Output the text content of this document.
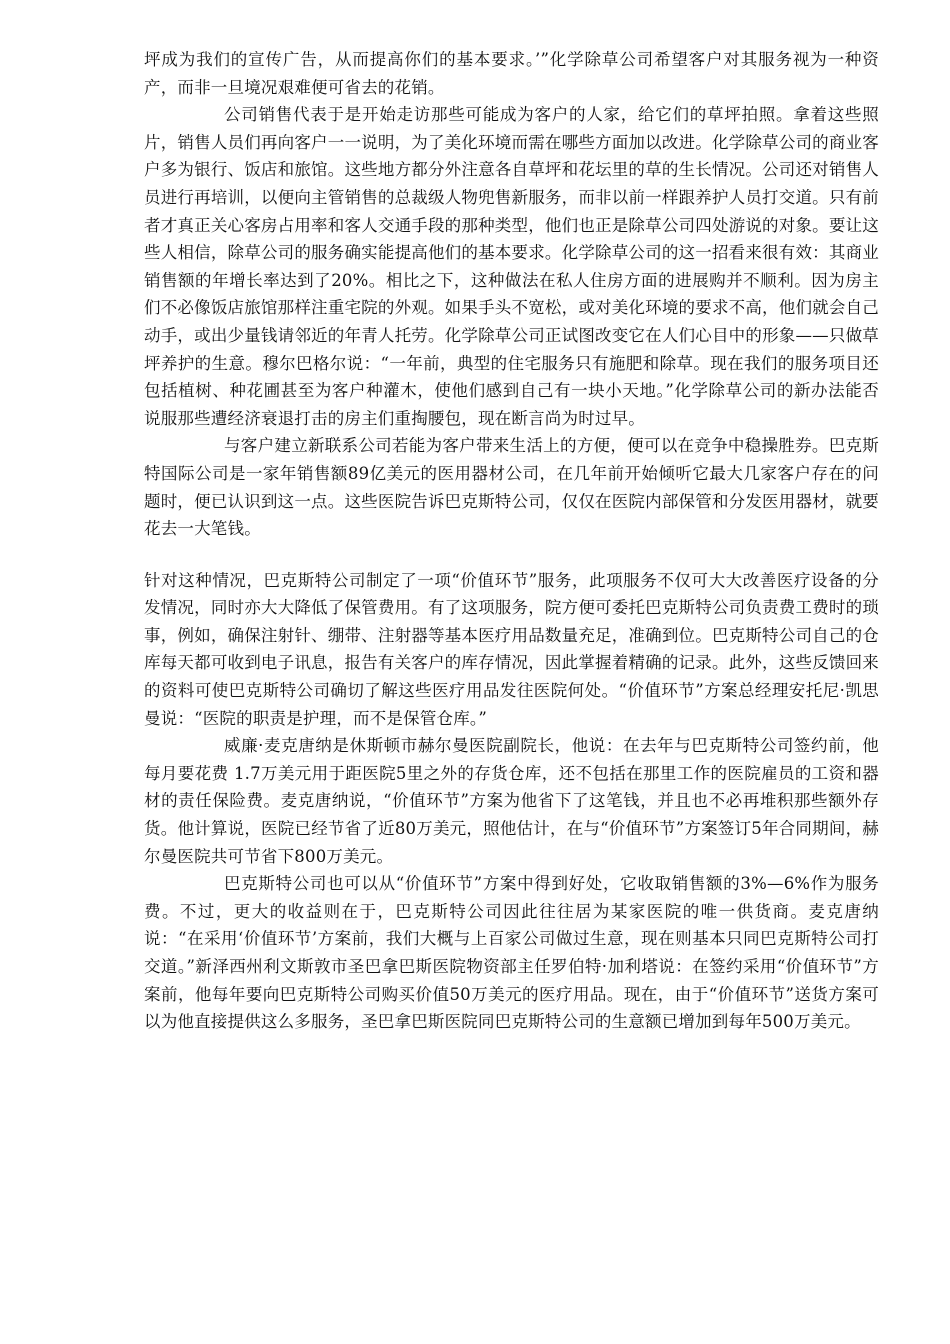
坪成为我们的宣传广告，从而提高你们的基本要求。’”化学除草公司希望客户对其服务视为一种资产，而非一旦境况艰难便可省去的花销。

公司销售代表于是开始走访那些可能成为客户的人家，给它们的草坪拍照。拿着这些照片，销售人员们再向客户一一说明，为了美化环境而需在哪些方面加以改进。化学除草公司的商业客户多为银行、饭店和旅馆。这些地方都分外注意各自草坪和花坛里的草的生长情况。公司还对销售人员进行再培训，以便向主管销售的总裁级人物兜售新服务，而非以前一样跟养护人员打交道。只有前者才真正关心客房占用率和客人交通手段的那种类型，他们也正是除草公司四处游说的对象。要让这些人相信，除草公司的服务确实能提高他们的基本要求。化学除草公司的这一招看来很有效：其商业销售额的年增长率达到了20%。相比之下，这种做法在私人住房方面的进展购并不顺利。因为房主们不必像饭店旅馆那样注重宅院的外观。如果手头不宽松，或对美化环境的要求不高，他们就会自己动手，或出少量钱请邻近的年青人托劳。化学除草公司正试图改变它在人们心目中的形象——只做草坪养护的生意。穆尔巴格尔说：“一年前，典型的住宅服务只有施肥和除草。现在我们的服务项目还包括植树、种花圃甚至为客户种灌木，使他们感到自己有一块小天地。”化学除草公司的新办法能否说服那些遭经济衰退打击的房主们重掏腰包，现在断言尚为时过早。

与客户建立新联系公司若能为客户带来生活上的方便，便可以在竞争中稳操胜券。巴克斯特国际公司是一家年销售额89亿美元的医用器材公司，在几年前开始倾听它最大几家客户存在的问题时，便已认识到这一点。这些医院告诉巴克斯特公司，仅仅在医院内部保管和分发医用器材，就要花去一大笔钱。

针对这种情况，巴克斯特公司制定了一项“价值环节”服务，此项服务不仅可大大改善医疗设备的分发情况，同时亦大大降低了保管费用。有了这项服务，院方便可委托巴克斯特公司负责费工费时的琐事，例如，确保注射针、绷带、注射器等基本医疗用品数量充足，准确到位。巴克斯特公司自己的仓库每天都可收到电子讯息，报告有关客户的库存情况，因此掌握着精确的记录。此外，这些反馈回来的资料可使巴克斯特公司确切了解这些医疗用品发往医院何处。“价值环节”方案总经理安托尼·凯思曼说：“医院的职责是护理，而不是保管仓库。”

威廉·麦克唐纳是休斯顿市赫尔曼医院副院长，他说：在去年与巴克斯特公司签约前，他每月要花费 1.7万美元用于距医院5里之外的存货仓库，还不包括在那里工作的医院雇员的工资和器材的责任保险费。麦克唐纳说，“价值环节”方案为他省下了这笔钱，并且也不必再堆积那些额外存货。他计算说，医院已经节省了近80万美元，照他估计，在与“价值环节”方案签订5年合同期间，赫尔曼医院共可节省下800万美元。

巴克斯特公司也可以从“价值环节”方案中得到好处，它收取销售额的3%—6%作为服务费。不过，更大的收益则在于，巴克斯特公司因此往往居为某家医院的唯一供货商。麦克唐纳说：“在采用‘价值环节’方案前，我们大概与上百家公司做过生意，现在则基本只同巴克斯特公司打交道。”新泽西州利文斯敦市圣巴拿巴斯医院物资部主任罗伯特·加利塔说：在签约采用“价值环节”方案前，他每年要向巴克斯特公司购买价值50万美元的医疗用品。现在，由于“价值环节”送货方案可以为他直接提供这么多服务，圣巴拿巴斯医院同巴克斯特公司的生意额已增加到每年500万美元。
